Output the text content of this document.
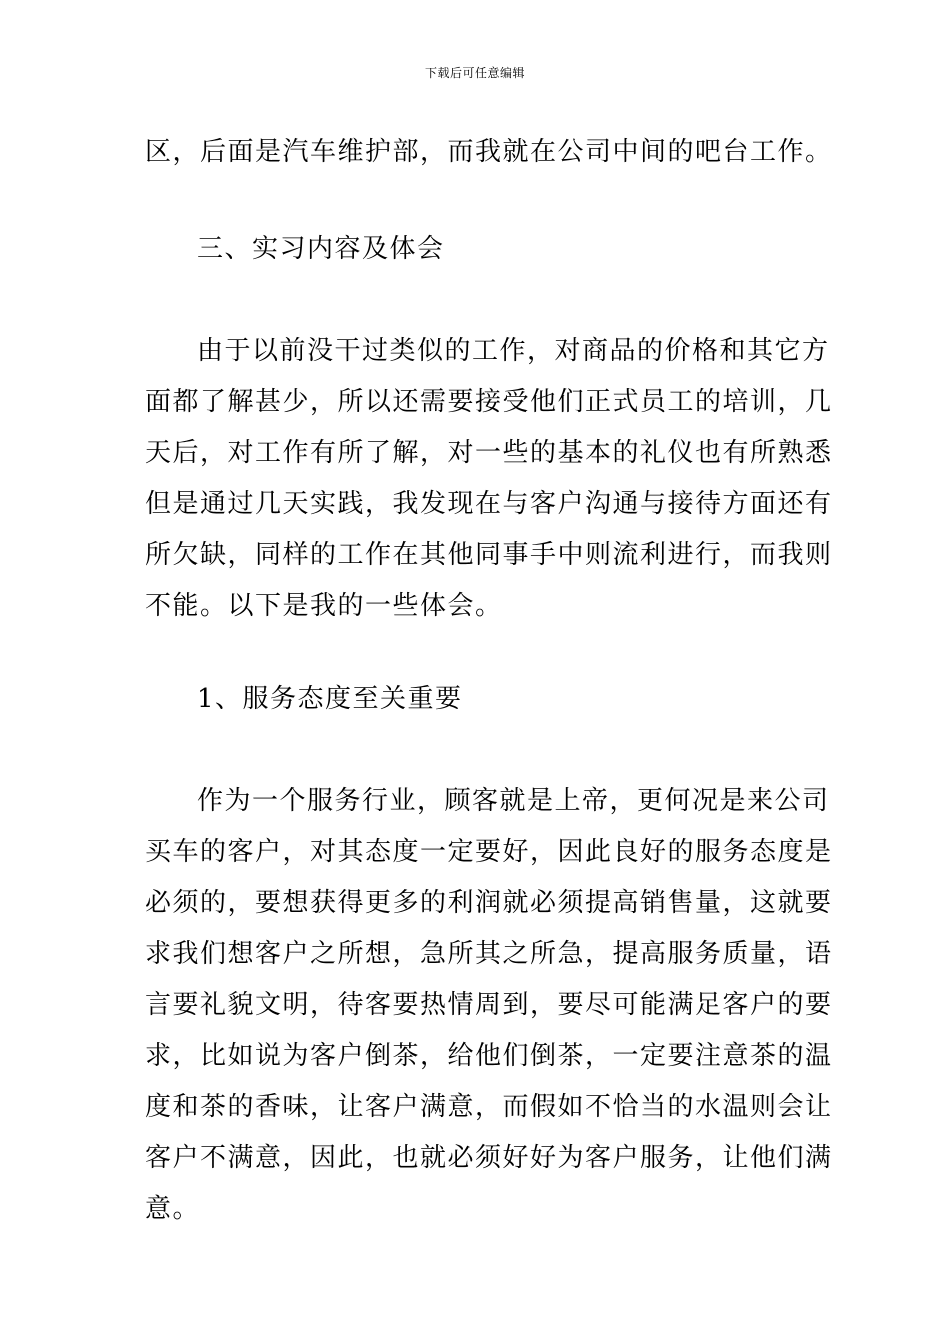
下载后可任意编辑
区，后面是汽车维护部，而我就在公司中间的吧台工作。
三、实习内容及体会
由于以前没干过类似的工作，对商品的价格和其它方
面都了解甚少，所以还需要接受他们正式员工的培训，几
天后，对工作有所了解，对一些的基本的礼仪也有所熟悉
但是通过几天实践，我发现在与客户沟通与接待方面还有
所欠缺，同样的工作在其他同事手中则流利进行，而我则
不能。以下是我的一些体会。
1、服务态度至关重要
作为一个服务行业，顾客就是上帝，更何况是来公司
买车的客户，对其态度一定要好，因此良好的服务态度是
必须的，要想获得更多的利润就必须提高销售量，这就要
求我们想客户之所想，急所其之所急，提高服务质量，语
言要礼貌文明，待客要热情周到，要尽可能满足客户的要
求，比如说为客户倒茶，给他们倒茶，一定要注意茶的温
度和茶的香味，让客户满意，而假如不恰当的水温则会让
客户不满意，因此，也就必须好好为客户服务，让他们满
意。
